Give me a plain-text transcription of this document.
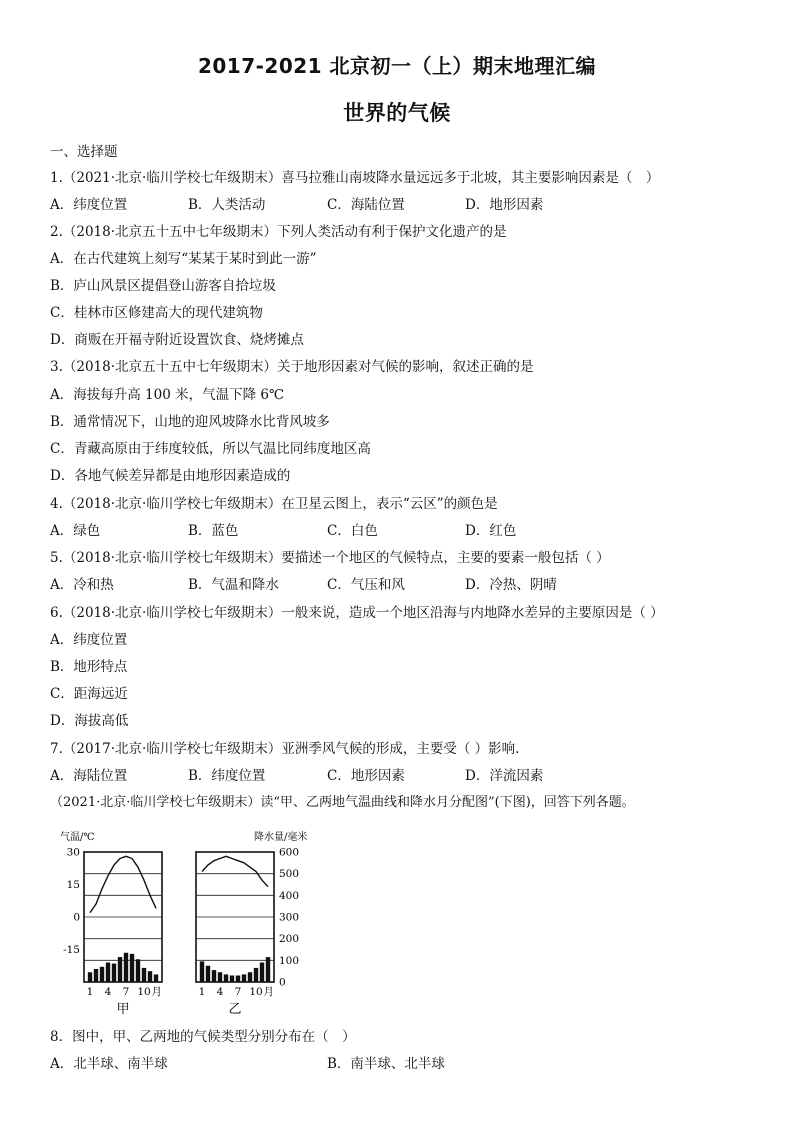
2017-2021 北京初一（上）期末地理汇编
世界的气候
一、选择题
1.（2021·北京·临川学校七年级期末）喜马拉雅山南坡降水量远远多于北坡，其主要影响因素是（　）
A．纬度位置	B．人类活动	C．海陆位置	D．地形因素
2.（2018·北京五十五中七年级期末）下列人类活动有利于保护文化遗产的是
A．在古代建筑上刻写“某某于某时到此一游”
B．庐山风景区提倡登山游客自拾垃圾
C．桂林市区修建高大的现代建筑物
D．商贩在开福寺附近设置饮食、烧烤摊点
3.（2018·北京五十五中七年级期末）关于地形因素对气候的影响，叙述正确的是
A．海拔每升高 100 米，气温下降 6℃
B．通常情况下，山地的迎风坡降水比背风坡多
C．青藏高原由于纬度较低，所以气温比同纬度地区高
D．各地气候差异都是由地形因素造成的
4.（2018·北京·临川学校七年级期末）在卫星云图上，表示“云区”的颜色是
A．绿色	B．蓝色	C．白色	D．红色
5.（2018·北京·临川学校七年级期末）要描述一个地区的气候特点，主要的要素一般包括（ ）
A．冷和热	B．气温和降水	C．气压和风	D．冷热、阴晴
6.（2018·北京·临川学校七年级期末）一般来说，造成一个地区沿海与内地降水差异的主要原因是（ ）
A．纬度位置
B．地形特点
C．距海远近
D．海拔高低
7.（2017·北京·临川学校七年级期末）亚洲季风气候的形成，主要受（ ）影响.
A．海陆位置	B．纬度位置	C．地形因素	D．洋流因素
（2021·北京·临川学校七年级期末）读“甲、乙两地气温曲线和降水月分配图”(下图)，回答下列各题。
气温/℃
30
15
0
-15
1 4 7 10 月
甲
降水量/毫米
600
500
400
300
200
100
0
1 4 7 10 月
乙
8．图中，甲、乙两地的气候类型分别分布在（　）
A．北半球、南半球	B．南半球、北半球
